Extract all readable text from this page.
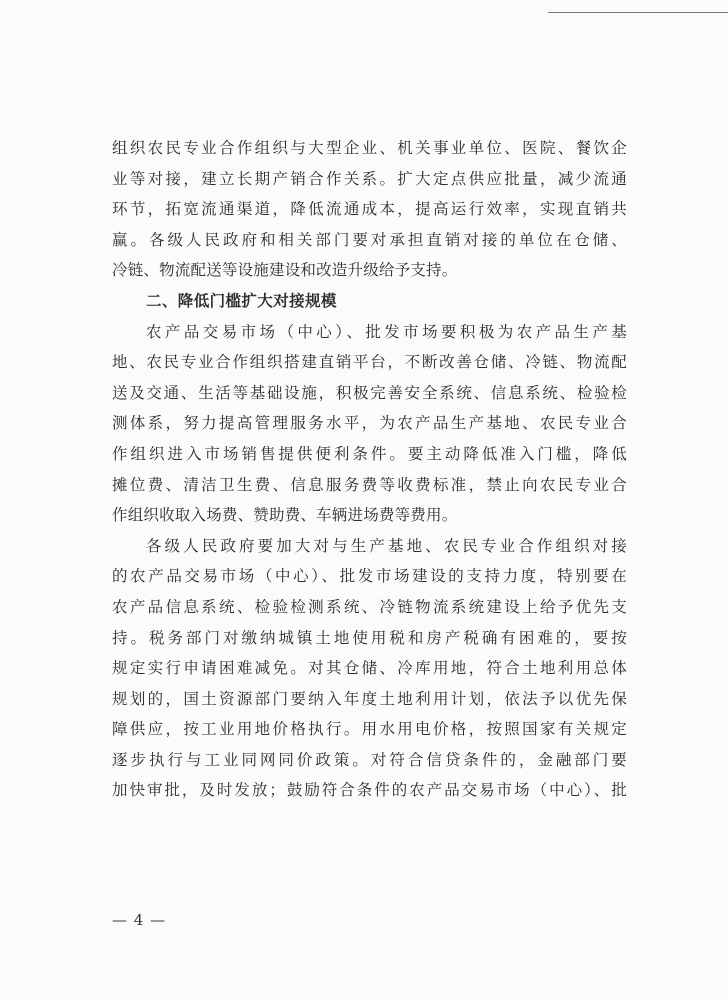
组织农民专业合作组织与大型企业、机关事业单位、医院、餐饮企
业等对接，建立长期产销合作关系。扩大定点供应批量，减少流通
环节，拓宽流通渠道，降低流通成本，提高运行效率，实现直销共
赢。各级人民政府和相关部门要对承担直销对接的单位在仓储、
冷链、物流配送等设施建设和改造升级给予支持。
二、降低门槛扩大对接规模
农产品交易市场（中心）、批发市场要积极为农产品生产基
地、农民专业合作组织搭建直销平台，不断改善仓储、冷链、物流配
送及交通、生活等基础设施，积极完善安全系统、信息系统、检验检
测体系，努力提高管理服务水平，为农产品生产基地、农民专业合
作组织进入市场销售提供便利条件。要主动降低准入门槛，降低
摊位费、清洁卫生费、信息服务费等收费标准，禁止向农民专业合
作组织收取入场费、赞助费、车辆进场费等费用。
各级人民政府要加大对与生产基地、农民专业合作组织对接
的农产品交易市场（中心）、批发市场建设的支持力度，特别要在
农产品信息系统、检验检测系统、冷链物流系统建设上给予优先支
持。税务部门对缴纳城镇土地使用税和房产税确有困难的，要按
规定实行申请困难减免。对其仓储、冷库用地，符合土地利用总体
规划的，国土资源部门要纳入年度土地利用计划，依法予以优先保
障供应，按工业用地价格执行。用水用电价格，按照国家有关规定
逐步执行与工业同网同价政策。对符合信贷条件的，金融部门要
加快审批，及时发放；鼓励符合条件的农产品交易市场（中心）、批
— 4 —
